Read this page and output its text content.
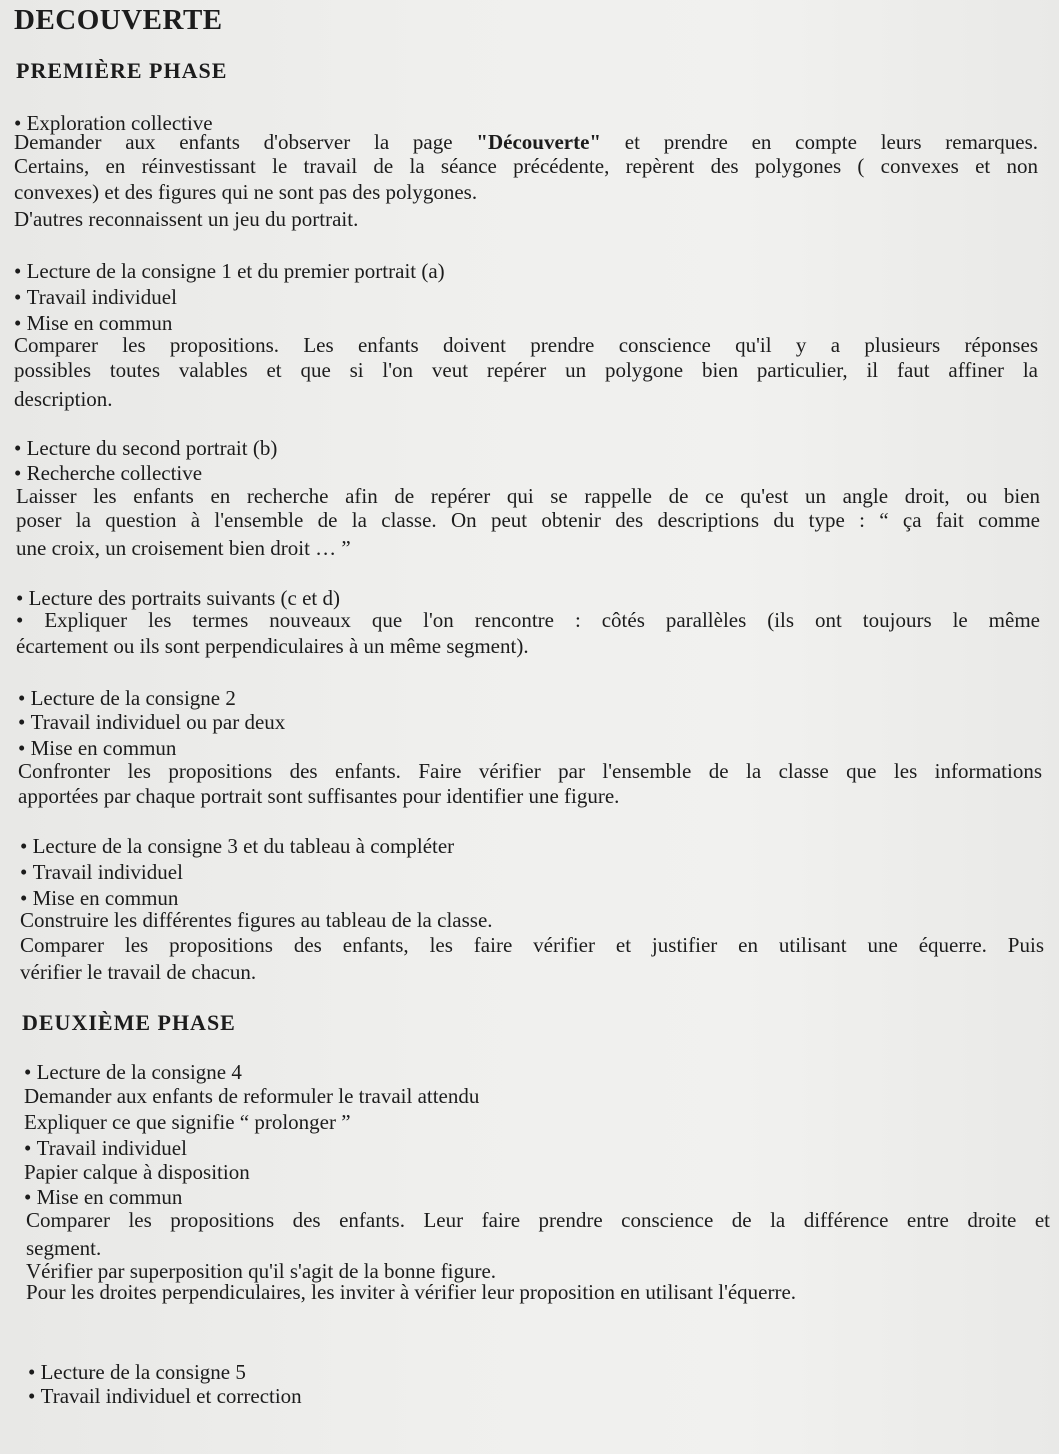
DECOUVERTE
PREMIÈRE PHASE

• Exploration collective

Demander aux enfants d'observer la page "Découverte" et prendre en compte leurs remarques.

Certains, en réinvestissant le travail de la séance précédente, repèrent des polygones ( convexes et non

convexes) et des figures qui ne sont pas des polygones.

D'autres reconnaissent un jeu du portrait.

• Lecture de la consigne 1 et du premier portrait (a)

• Travail individuel

• Mise en commun

Comparer les propositions. Les enfants doivent prendre conscience qu'il y a plusieurs réponses

possibles toutes valables et que si l'on veut repérer un polygone bien particulier, il faut affiner la

description.

• Lecture du second portrait (b)

• Recherche collective

Laisser les enfants en recherche afin de repérer qui se rappelle de ce qu'est un angle droit, ou bien

poser la question à l'ensemble de la classe. On peut obtenir des descriptions du type : “ ça fait comme

une croix, un croisement bien droit … ”

• Lecture des portraits suivants (c et d)

• Expliquer les termes nouveaux que l'on rencontre : côtés parallèles (ils ont toujours le même

écartement ou ils sont perpendiculaires à un même segment).

• Lecture de la consigne 2

• Travail individuel ou par deux

• Mise en commun

Confronter les propositions des enfants. Faire vérifier par l'ensemble de la classe que les informations

apportées par chaque portrait sont suffisantes pour identifier une figure.

• Lecture de la consigne 3 et du tableau à compléter

• Travail individuel

• Mise en commun

Construire les différentes figures au tableau de la classe.

Comparer les propositions des enfants, les faire vérifier et justifier en utilisant une équerre. Puis

vérifier le travail de chacun.

DEUXIÈME PHASE

• Lecture de la consigne 4

Demander aux enfants de reformuler le travail attendu

Expliquer ce que signifie “ prolonger ”

• Travail individuel

Papier calque à disposition

• Mise en commun

Comparer les propositions des enfants. Leur faire prendre conscience de la différence entre droite et

segment.

Vérifier par superposition qu'il s'agit de la bonne figure.

Pour les droites perpendiculaires, les inviter à vérifier leur proposition en utilisant l'équerre.

• Lecture de la consigne 5

• Travail individuel et correction
